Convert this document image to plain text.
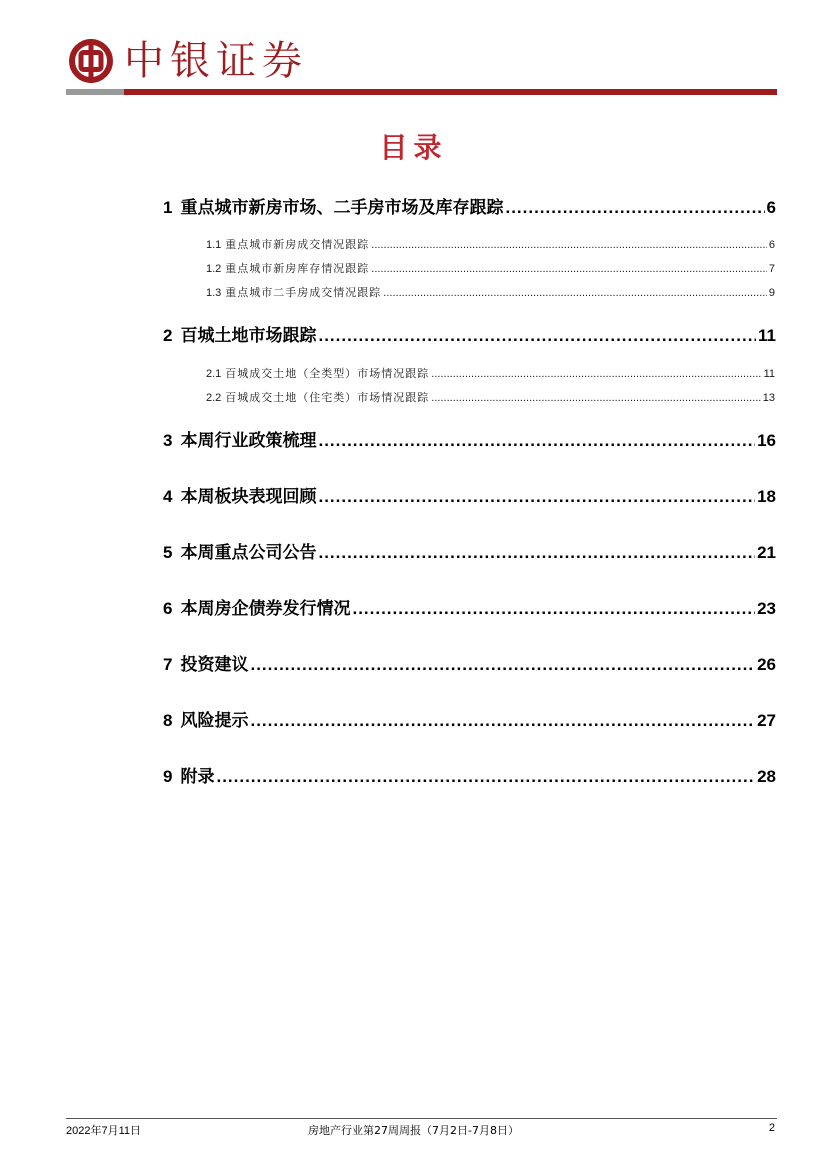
中银证券
目录
1 重点城市新房市场、二手房市场及库存跟踪 .....	6
1.1 重点城市新房成交情况跟踪 .....	6
1.2 重点城市新房库存情况跟踪 .....	7
1.3 重点城市二手房成交情况跟踪 .....	9
2 百城土地市场跟踪 .....	11
2.1 百城成交土地（全类型）市场情况跟踪 .....	11
2.2 百城成交土地（住宅类）市场情况跟踪 .....	13
3 本周行业政策梳理 .....	16
4 本周板块表现回顾 .....	18
5 本周重点公司公告 .....	21
6 本周房企债券发行情况 .....	23
7 投资建议 .....	26
8 风险提示 .....	27
9 附录 .....	28
2022年7月11日	房地产行业第27周周报（7月2日-7月8日）	2
